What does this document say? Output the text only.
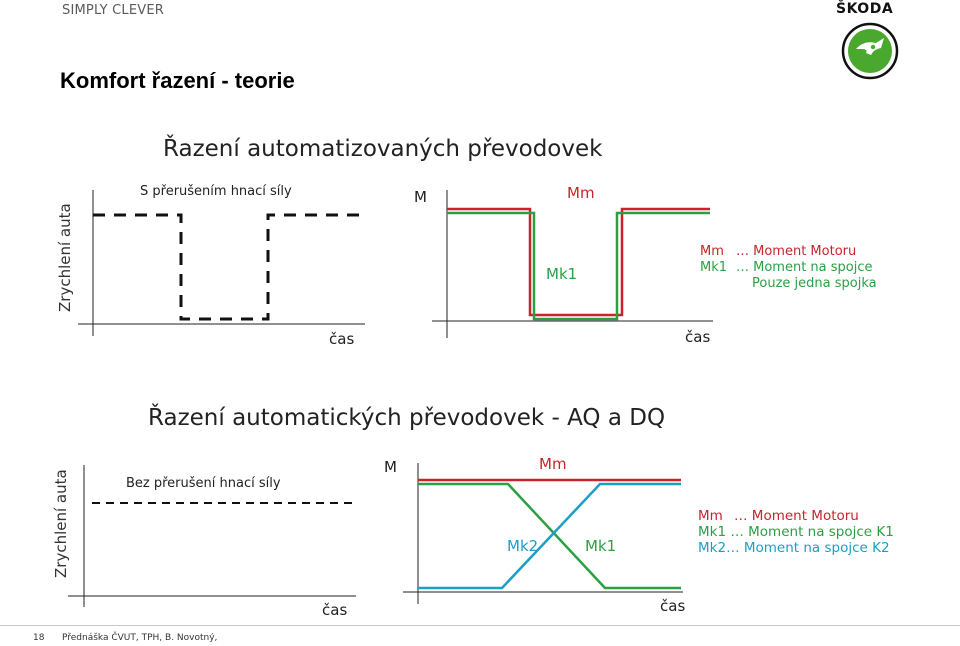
SIMPLY CLEVER	ŠKODA
Komfort řazení - teorie
Řazení automatizovaných převodovek
Zrychlení auta
S přerušením hnací síly
čas
M	Mm
Mk1
čas
Mm … Moment Motoru
Mk1 … Moment na spojce
Pouze jedna spojka
Řazení automatických převodovek - AQ a DQ
Zrychlení auta	Bez přerušení hnací síly
čas
M	Mm
Mk2	Mk1
čas
Mm … Moment Motoru
Mk1 … Moment na spojce K1
Mk2… Moment na spojce K2
18 Přednáška ČVUT, TPH, B. Novotný,
